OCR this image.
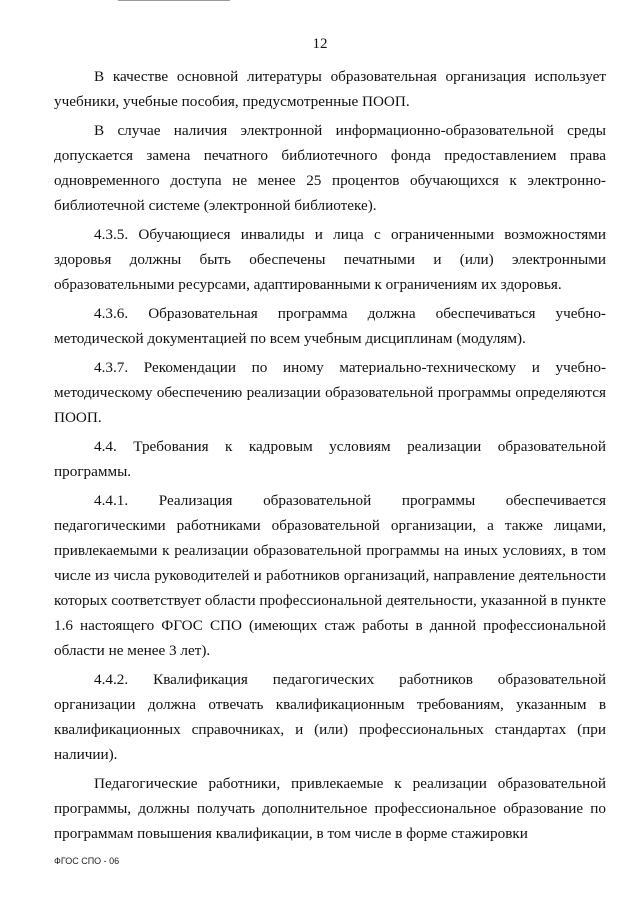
12

В качестве основной литературы образовательная организация использует учебники, учебные пособия, предусмотренные ПООП.

В случае наличия электронной информационно-образовательной среды допускается замена печатного библиотечного фонда предоставлением права одновременного доступа не менее 25 процентов обучающихся к электронно-библиотечной системе (электронной библиотеке).

4.3.5. Обучающиеся инвалиды и лица с ограниченными возможностями здоровья должны быть обеспечены печатными и (или) электронными образовательными ресурсами, адаптированными к ограничениям их здоровья.

4.3.6. Образовательная программа должна обеспечиваться учебно-методической документацией по всем учебным дисциплинам (модулям).

4.3.7. Рекомендации по иному материально-техническому и учебно-методическому обеспечению реализации образовательной программы определяются ПООП.

4.4. Требования к кадровым условиям реализации образовательной программы.

4.4.1. Реализация образовательной программы обеспечивается педагогическими работниками образовательной организации, а также лицами, привлекаемыми к реализации образовательной программы на иных условиях, в том числе из числа руководителей и работников организаций, направление деятельности которых соответствует области профессиональной деятельности, указанной в пункте 1.6 настоящего ФГОС СПО (имеющих стаж работы в данной профессиональной области не менее 3 лет).

4.4.2. Квалификация педагогических работников образовательной организации должна отвечать квалификационным требованиям, указанным в квалификационных справочниках, и (или) профессиональных стандартах (при наличии).

Педагогические работники, привлекаемые к реализации образовательной программы, должны получать дополнительное профессиональное образование по программам повышения квалификации, в том числе в форме стажировки

ФГОС СПО - 06
